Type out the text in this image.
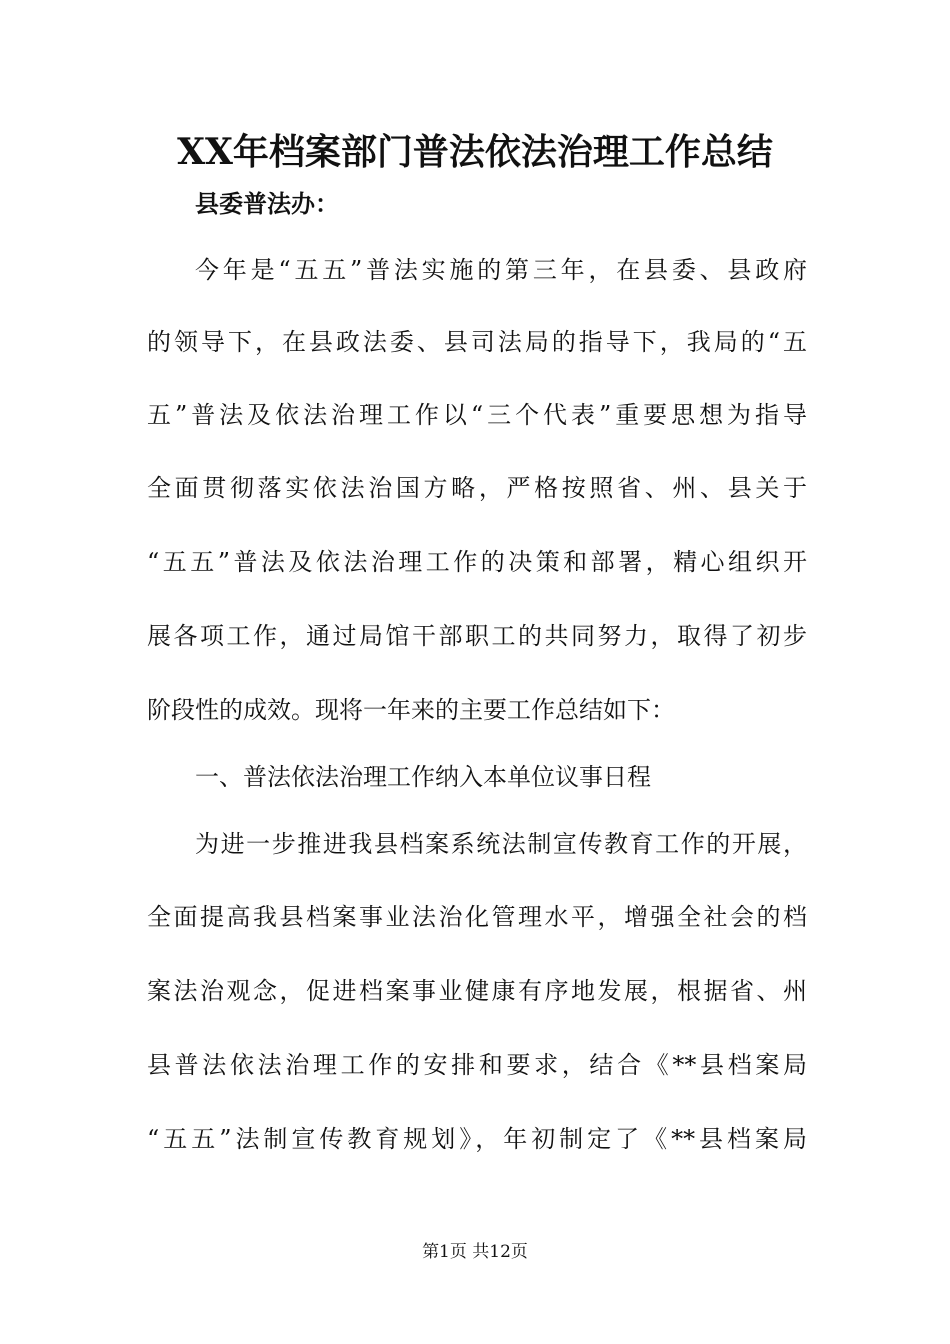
XX年档案部门普法依法治理工作总结
县委普法办：
今年是“五五”普法实施的第三年，在县委、县政府
的领导下，在县政法委、县司法局的指导下，我局的“五
五”普法及依法治理工作以“三个代表”重要思想为指导
全面贯彻落实依法治国方略，严格按照省、州、县关于
“五五”普法及依法治理工作的决策和部署，精心组织开
展各项工作，通过局馆干部职工的共同努力，取得了初步
阶段性的成效。现将一年来的主要工作总结如下：
一、普法依法治理工作纳入本单位议事日程
为进一步推进我县档案系统法制宣传教育工作的开展，
全面提高我县档案事业法治化管理水平，增强全社会的档
案法治观念，促进档案事业健康有序地发展，根据省、州
县普法依法治理工作的安排和要求，结合《**县档案局
“五五”法制宣传教育规划》，年初制定了《**县档案局
第1页 共12页
